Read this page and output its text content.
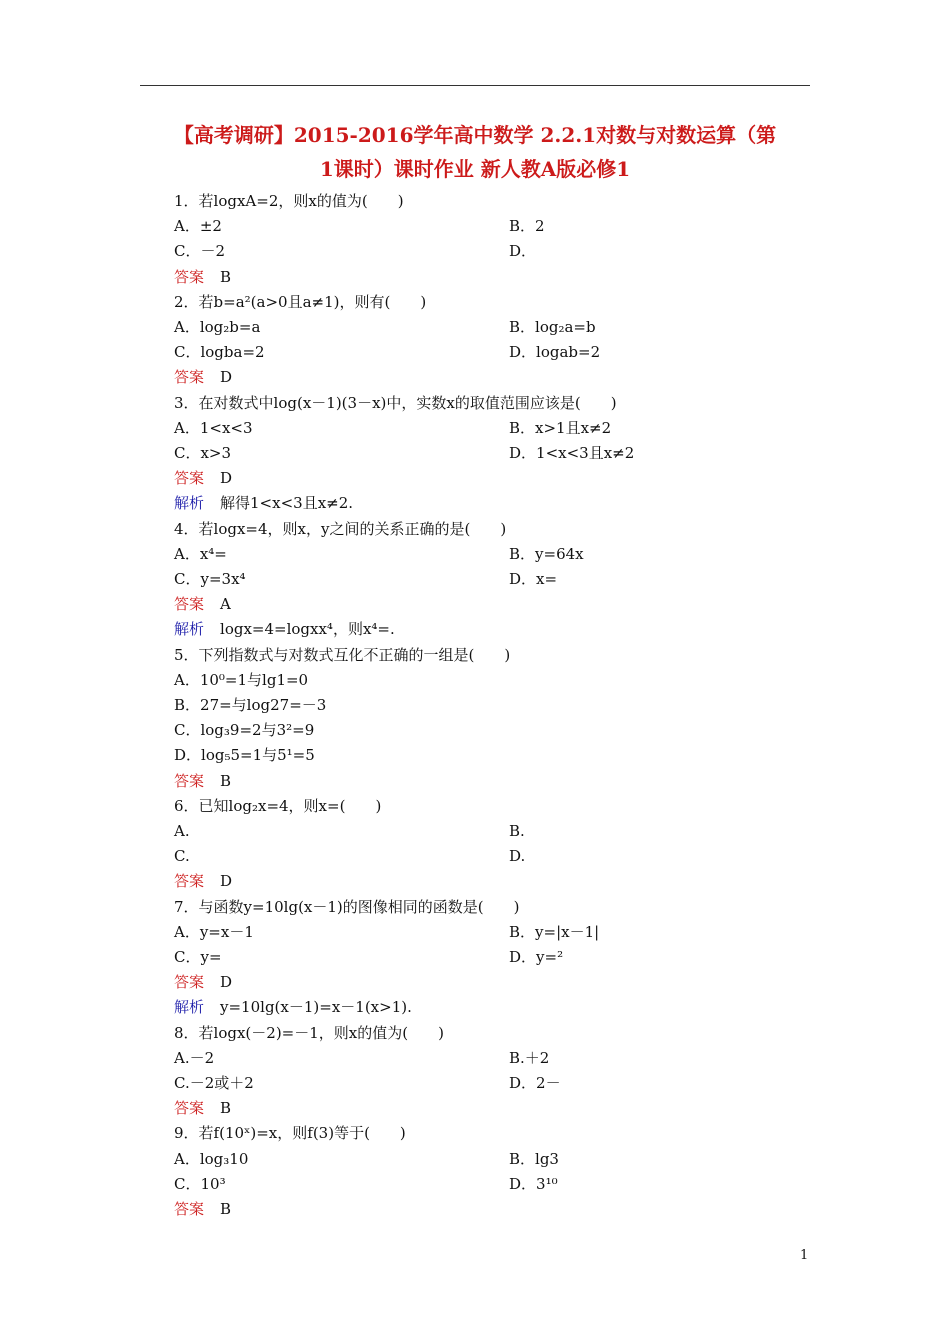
【高考调研】2015-2016学年高中数学 2.2.1对数与对数运算（第
1课时）课时作业 新人教A版必修1
1．若logxA=2，则x的值为(　　)
A．±2	B．2
C．－2	D．
答案 B
2．若b=a²(a>0且a≠1)，则有(　　)
A．log₂b=a	B．log₂a=b
C．logba=2	D．logab=2
答案 D
3．在对数式中log(x－1)(3－x)中，实数x的取值范围应该是(　　)
A．1<x<3	B．x>1且x≠2
C．x>3	D．1<x<3且x≠2
答案 D
解析 解得1<x<3且x≠2.
4．若logx=4，则x，y之间的关系正确的是(　　)
A．x⁴=	B．y=64x
C．y=3x⁴	D．x=
答案 A
解析 logx=4=logxx⁴，则x⁴=.
5．下列指数式与对数式互化不正确的一组是(　　)
A．10⁰=1与lg1=0
B．27=与log27=－3
C．log₃9=2与3²=9
D．log₅5=1与5¹=5
答案 B
6．已知log₂x=4，则x=(　　)
A.	B.
C.	D.
答案 D
7．与函数y=10lg(x－1)的图像相同的函数是(　　)
A．y=x－1	B．y=|x－1|
C．y=	D．y=²
答案 D
解析 y=10lg(x－1)=x－1(x>1).
8．若logx(－2)=－1，则x的值为(　　)
A.－2	B.＋2
C.－2或＋2	D．2－
答案 B
9．若f(10ˣ)=x，则f(3)等于(　　)
A．log₃10	B．lg3
C．10³	D．3¹⁰
答案 B
1
